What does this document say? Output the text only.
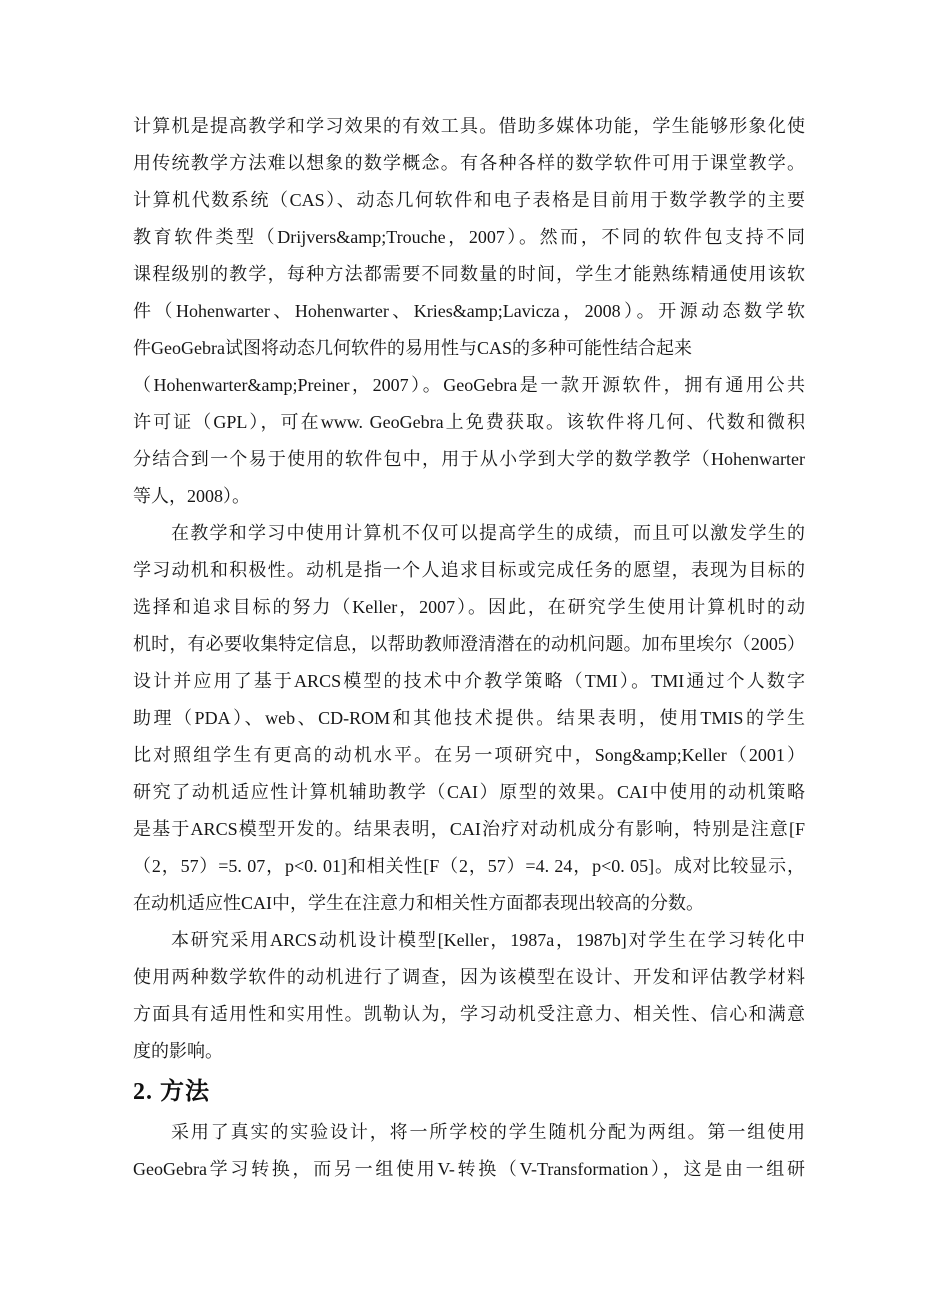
计算机是提高教学和学习效果的有效工具。借助多媒体功能，学生能够形象化使
用传统教学方法难以想象的数学概念。有各种各样的数学软件可用于课堂教学。
计算机代数系统（CAS）、动态几何软件和电子表格是目前用于数学教学的主要
教育软件类型（Drijvers&amp;Trouche，2007）。然而，不同的软件包支持不同
课程级别的教学，每种方法都需要不同数量的时间，学生才能熟练精通使用该软
件（Hohenwarter、Hohenwarter、Kries&amp;Lavicza，2008）。开源动态数学软
件GeoGebra试图将动态几何软件的易用性与CAS的多种可能性结合起来
（Hohenwarter&amp;Preiner，2007）。GeoGebra是一款开源软件，拥有通用公共
许可证（GPL），可在www. GeoGebra上免费获取。该软件将几何、代数和微积
分结合到一个易于使用的软件包中，用于从小学到大学的数学教学（Hohenwarter
等人，2008）。
在教学和学习中使用计算机不仅可以提高学生的成绩，而且可以激发学生的
学习动机和积极性。动机是指一个人追求目标或完成任务的愿望，表现为目标的
选择和追求目标的努力（Keller，2007）。因此，在研究学生使用计算机时的动
机时，有必要收集特定信息，以帮助教师澄清潜在的动机问题。加布里埃尔（2005）
设计并应用了基于ARCS模型的技术中介教学策略（TMI）。TMI通过个人数字
助理（PDA）、web、CD-ROM和其他技术提供。结果表明，使用TMIS的学生
比对照组学生有更高的动机水平。在另一项研究中，Song&amp;Keller（2001）
研究了动机适应性计算机辅助教学（CAI）原型的效果。CAI中使用的动机策略
是基于ARCS模型开发的。结果表明，CAI治疗对动机成分有影响，特别是注意[F
（2，57）=5. 07，p<0. 01]和相关性[F（2，57）=4. 24，p<0. 05]。成对比较显示，
在动机适应性CAI中，学生在注意力和相关性方面都表现出较高的分数。
本研究采用ARCS动机设计模型[Keller，1987a，1987b]对学生在学习转化中
使用两种数学软件的动机进行了调查，因为该模型在设计、开发和评估教学材料
方面具有适用性和实用性。凯勒认为，学习动机受注意力、相关性、信心和满意
度的影响。
2. 方法
采用了真实的实验设计，将一所学校的学生随机分配为两组。第一组使用
GeoGebra学习转换，而另一组使用V-转换（V-Transformation），这是由一组研
